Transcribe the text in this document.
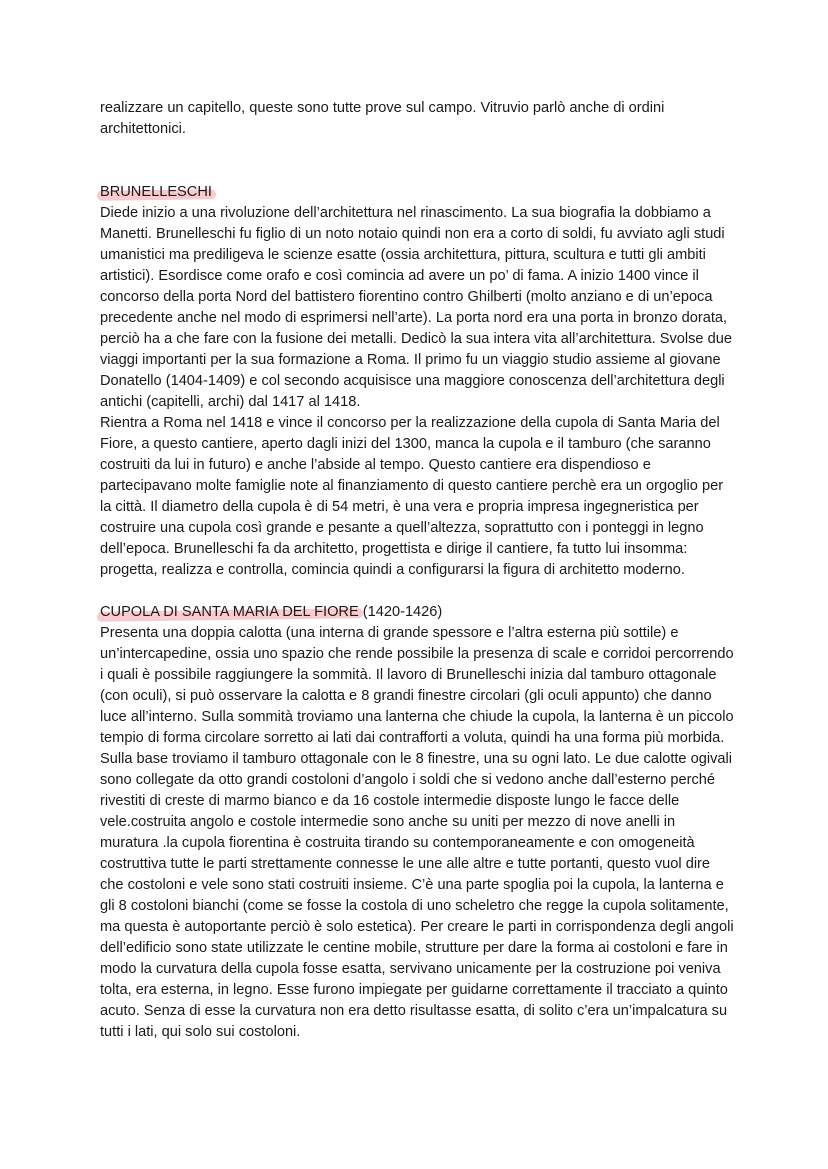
realizzare un capitello, queste sono tutte prove sul campo. Vitruvio parlò anche di ordini architettonici.

BRUNELLESCHI

Diede inizio a una rivoluzione dell’architettura nel rinascimento. La sua biografia la dobbiamo a Manetti. Brunelleschi fu figlio di un noto notaio quindi non era a corto di soldi, fu avviato agli studi umanistici ma prediligeva le scienze esatte (ossia architettura, pittura, scultura e tutti gli ambiti artistici). Esordisce come orafo e così comincia ad avere un po’ di fama. A inizio 1400 vince il concorso della porta Nord del battistero fiorentino contro Ghilberti (molto anziano e di un’epoca precedente anche nel modo di esprimersi nell’arte). La porta nord era una porta in bronzo dorata, perciò ha a che fare con la fusione dei metalli. Dedicò la sua intera vita all’architettura. Svolse due viaggi importanti per la sua formazione a Roma. Il primo fu un viaggio studio assieme al giovane Donatello (1404-1409) e col secondo acquisisce una maggiore conoscenza dell’architettura degli antichi (capitelli, archi) dal 1417 al 1418.

Rientra a Roma nel 1418 e vince il concorso per la realizzazione della cupola di Santa Maria del Fiore, a questo cantiere, aperto dagli inizi del 1300, manca la cupola e il tamburo (che saranno costruiti da lui in futuro) e anche l’abside al tempo. Questo cantiere era dispendioso e partecipavano molte famiglie note al finanziamento di questo cantiere perchè era un orgoglio per la città. Il diametro della cupola è di 54 metri, è una vera e propria impresa ingegneristica per costruire una cupola così grande e pesante a quell’altezza, soprattutto con i ponteggi in legno dell’epoca. Brunelleschi fa da architetto, progettista e dirige il cantiere, fa tutto lui insomma: progetta, realizza e controlla, comincia quindi a configurarsi la figura di architetto moderno.

CUPOLA DI SANTA MARIA DEL FIORE (1420-1426)

Presenta una doppia calotta (una interna di grande spessore e l’altra esterna più sottile) e un’intercapedine, ossia uno spazio che rende possibile la presenza di scale e corridoi percorrendo i quali è possibile raggiungere la sommità. Il lavoro di Brunelleschi inizia dal tamburo ottagonale (con oculi), si può osservare la calotta e 8 grandi finestre circolari (gli oculi appunto) che danno luce all’interno. Sulla sommità troviamo una lanterna che chiude la cupola, la lanterna è un piccolo tempio di forma circolare sorretto ai lati dai contrafforti a voluta, quindi ha una forma più morbida. Sulla base troviamo il tamburo ottagonale con le 8 finestre, una su ogni lato. Le due calotte ogivali sono collegate da otto grandi costoloni d’angolo i soldi che si vedono anche dall’esterno perché rivestiti di creste di marmo bianco e da 16 costole intermedie disposte lungo le facce delle vele.costruita angolo e costole intermedie sono anche su uniti per mezzo di nove anelli in muratura .la cupola fiorentina è costruita tirando su contemporaneamente e con omogeneità costruttiva tutte le parti strettamente connesse le une alle altre e tutte portanti, questo vuol dire che costoloni e vele sono stati costruiti insieme. C’è una parte spoglia poi la cupola, la lanterna e gli 8 costoloni bianchi (come se fosse la costola di uno scheletro che regge la cupola solitamente, ma questa è autoportante perciò è solo estetica). Per creare le parti in corrispondenza degli angoli dell’edificio sono state utilizzate le centine mobile, strutture per dare la forma ai costoloni e fare in modo la curvatura della cupola fosse esatta, servivano unicamente per la costruzione poi veniva tolta, era esterna, in legno. Esse furono impiegate per guidarne correttamente il tracciato a quinto acuto. Senza di esse la curvatura non era detto risultasse esatta, di solito c’era un’impalcatura su tutti i lati, qui solo sui costoloni.
